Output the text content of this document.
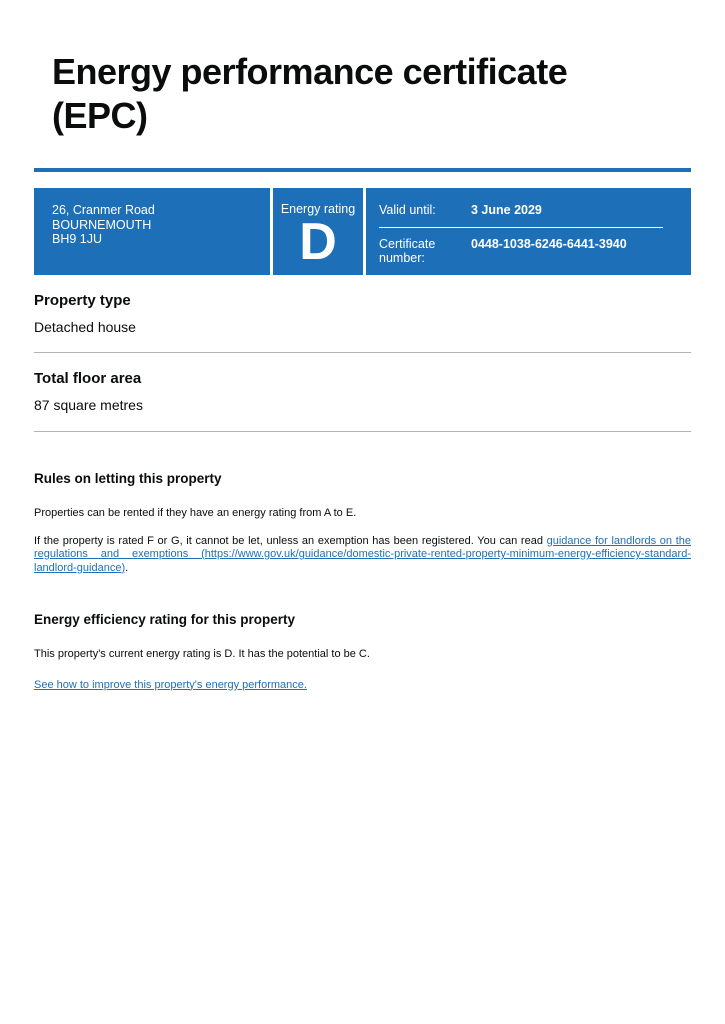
Energy performance certificate (EPC)
26, Cranmer Road
BOURNEMOUTH
BH9 1JU
Energy rating
D
Valid until:	3 June 2029
Certificate number:
0448-1038-6246-6441-3940
Property type

Detached house

Total floor area

87 square metres

Rules on letting this property

Properties can be rented if they have an energy rating from A to E.

If the property is rated F or G, it cannot be let, unless an exemption has been registered. You can read guidance for landlords on the regulations and exemptions (https://www.gov.uk/guidance/domestic-private-rented-property-minimum-energy-efficiency-standard-landlord-guidance).

Energy efficiency rating for this property

This property's current energy rating is D. It has the potential to be C.

See how to improve this property's energy performance.
